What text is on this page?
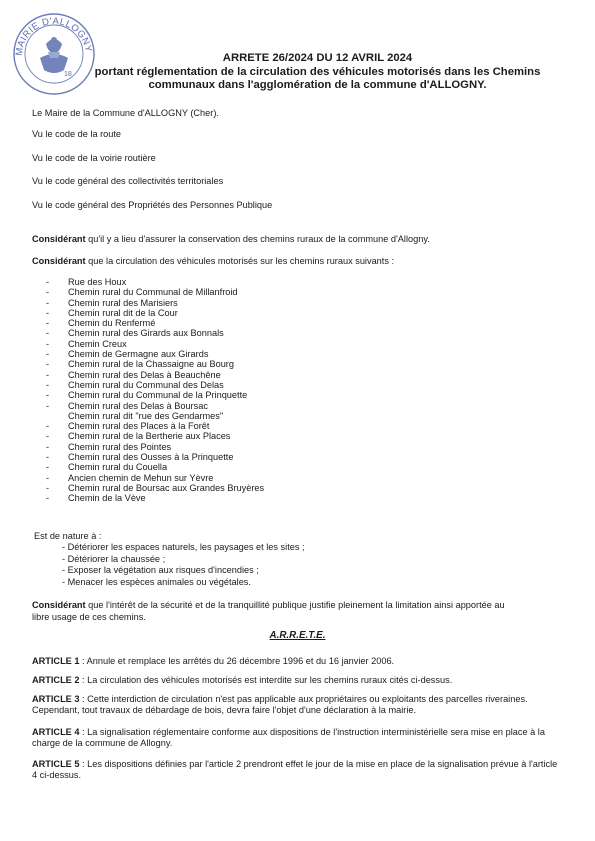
MAIRIE D'ALLOGNY
18
ARRETE 26/2024 DU 12 AVRIL 2024
portant réglementation de la circulation des véhicules motorisés dans les Chemins
communaux dans l'agglomération de la commune d'ALLOGNY.
Le Maire de la Commune d'ALLOGNY (Cher).
Vu le code de la route
Vu le code de la voirie routière
Vu le code général des collectivités territoriales
Vu le code général des Propriétés des Personnes Publique
Considérant qu'il y a lieu d'assurer la conservation des chemins ruraux de la commune d'Allogny.
Considérant que la circulation des véhicules motorisés sur les chemins ruraux suivants :
- Rue des Houx
- Chemin rural du Communal de Millanfroid
- Chemin rural des Marisiers
- Chemin rural dit de la Cour
- Chemin du Renfermé
- Chemin rural des Girards aux Bonnals
- Chemin Creux
- Chemin de Germagne aux Girards
- Chemin rural de la Chassaigne au Bourg
- Chemin rural des Delas à Beauchêne
- Chemin rural du Communal des Delas
- Chemin rural du Communal de la Prinquette
- Chemin rural des Delas à Boursac
Chemin rural dit "rue des Gendarmes"
- Chemin rural des Places à la Forêt
- Chemin rural de la Bertherie aux Places
- Chemin rural des Pointes
- Chemin rural des Ousses à la Prinquette
- Chemin rural du Couella
- Ancien chemin de Mehun sur Yèvre
- Chemin rural de Boursac aux Grandes Bruyères
- Chemin de la Vève
Est de nature à :
- Détériorer les espaces naturels, les paysages et les sites ;
- Détériorer la chaussée ;
- Exposer la végétation aux risques d'incendies ;
- Menacer les espèces animales ou végétales.
Considérant que l'intérêt de la sécurité et de la tranquillité publique justifie pleinement la limitation ainsi apportée au
libre usage de ces chemins.
A.R.R.E.T.E.
ARTICLE 1 : Annule et remplace les arrêtés du 26 décembre 1996 et du 16 janvier 2006.
ARTICLE 2 : La circulation des véhicules motorisés est interdite sur les chemins ruraux cités ci-dessus.
ARTICLE 3 : Cette interdiction de circulation n'est pas applicable aux propriétaires ou exploitants des parcelles riveraines. Cependant, tout travaux de débardage de bois, devra faire l'objet d'une déclaration à la mairie.
ARTICLE 4 : La signalisation réglementaire conforme aux dispositions de l'instruction interministérielle sera mise en place à la charge de la commune de Allogny.
ARTICLE 5 : Les dispositions définies par l'article 2 prendront effet le jour de la mise en place de la signalisation prévue à l'article 4 ci-dessus.
